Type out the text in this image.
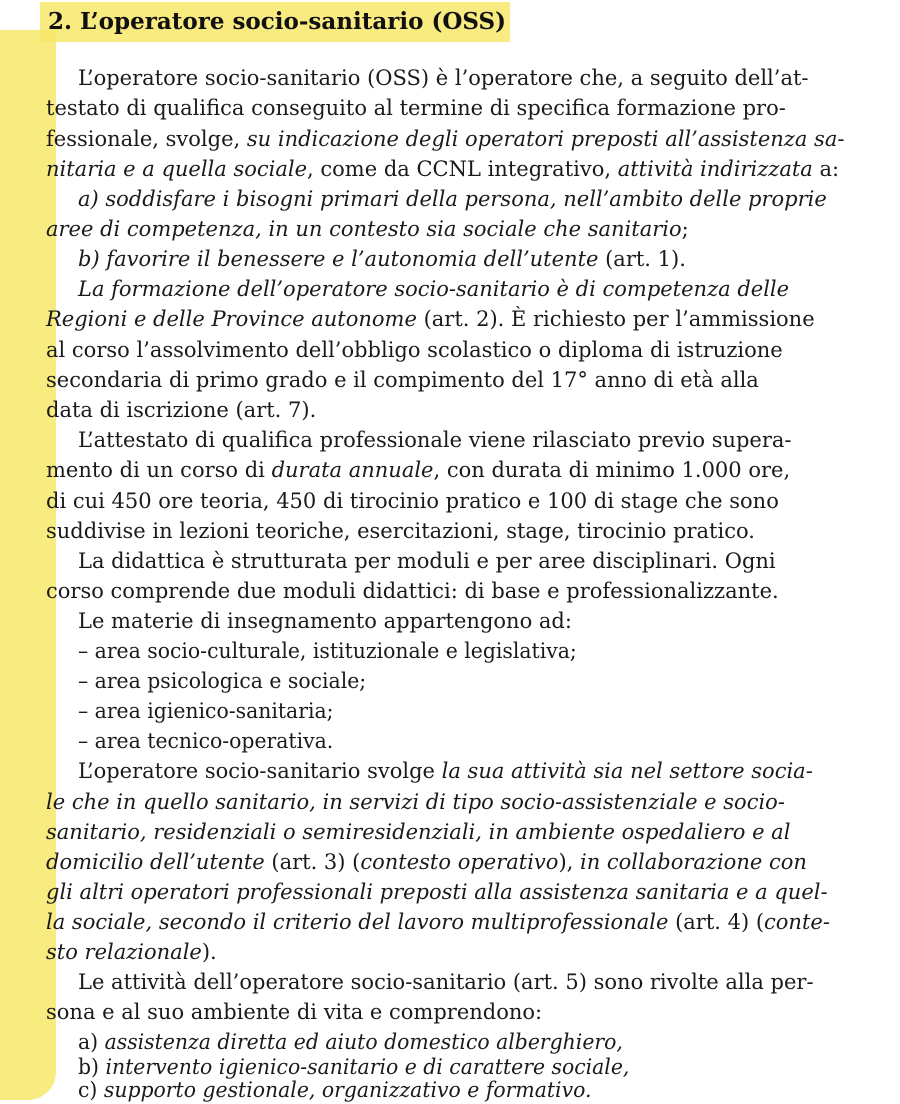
2. L’operatore socio-sanitario (OSS)

L’operatore socio-sanitario (OSS) è l’operatore che, a seguito dell’at-

testato di qualifica conseguito al termine di specifica formazione pro-

fessionale, svolge, su indicazione degli operatori preposti all’assistenza sa-

nitaria e a quella sociale, come da CCNL integrativo, attività indirizzata a:

a) soddisfare i bisogni primari della persona, nell’ambito delle proprie

aree di competenza, in un contesto sia sociale che sanitario;

b) favorire il benessere e l’autonomia dell’utente (art. 1).

La formazione dell’operatore socio-sanitario è di competenza delle

Regioni e delle Province autonome (art. 2). È richiesto per l’ammissione

al corso l’assolvimento dell’obbligo scolastico o diploma di istruzione

secondaria di primo grado e il compimento del 17° anno di età alla

data di iscrizione (art. 7).

L’attestato di qualifica professionale viene rilasciato previo supera-

mento di un corso di durata annuale, con durata di minimo 1.000 ore,

di cui 450 ore teoria, 450 di tirocinio pratico e 100 di stage che sono

suddivise in lezioni teoriche, esercitazioni, stage, tirocinio pratico.

La didattica è strutturata per moduli e per aree disciplinari. Ogni

corso comprende due moduli didattici: di base e professionalizzante.

Le materie di insegnamento appartengono ad:

– area socio-culturale, istituzionale e legislativa;

– area psicologica e sociale;

– area igienico-sanitaria;

– area tecnico-operativa.

L’operatore socio-sanitario svolge la sua attività sia nel settore socia-

le che in quello sanitario, in servizi di tipo socio-assistenziale e socio-

sanitario, residenziali o semiresidenziali, in ambiente ospedaliero e al

domicilio dell’utente (art. 3) (contesto operativo), in collaborazione con

gli altri operatori professionali preposti alla assistenza sanitaria e a quel-

la sociale, secondo il criterio del lavoro multiprofessionale (art. 4) (conte-

sto relazionale).

Le attività dell’operatore socio-sanitario (art. 5) sono rivolte alla per-

sona e al suo ambiente di vita e comprendono:

a) assistenza diretta ed aiuto domestico alberghiero,

b) intervento igienico-sanitario e di carattere sociale,

c) supporto gestionale, organizzativo e formativo.
